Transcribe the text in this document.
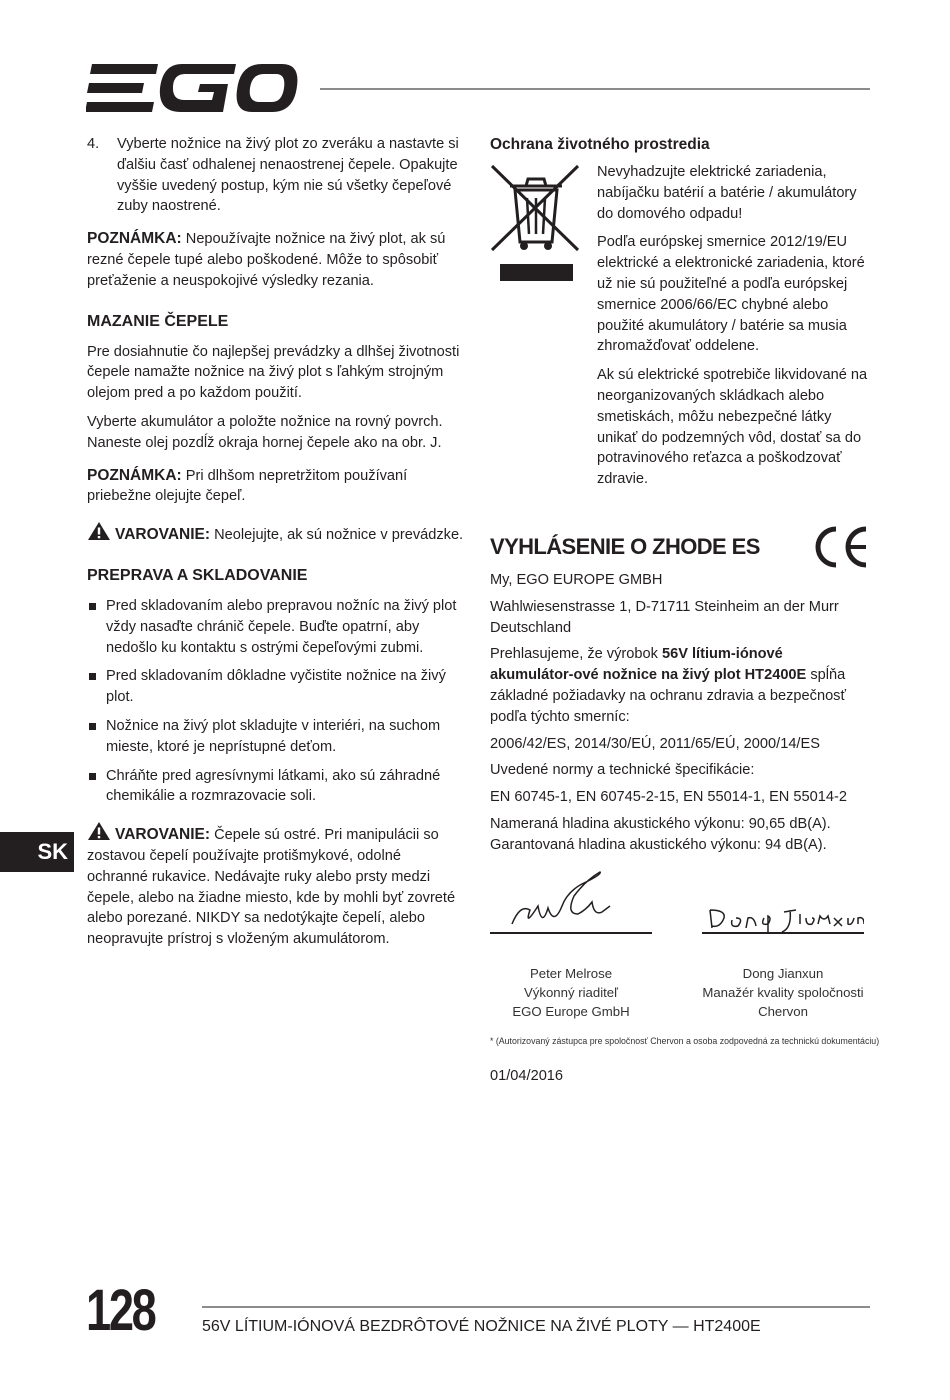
4.	Vyberte nožnice na živý plot zo zveráku a nastavte si ďalšiu časť odhalenej nenaostrenej čepele. Opakujte vyššie uvedený postup, kým nie sú všetky čepeľové zuby naostrené.

POZNÁMKA: Nepoužívajte nožnice na živý plot, ak sú rezné čepele tupé alebo poškodené. Môže to spôsobiť preťaženie a neuspokojivé výsledky rezania.

MAZANIE ČEPELE

Pre dosiahnutie čo najlepšej prevádzky a dlhšej životnosti čepele namažte nožnice na živý plot s ľahkým strojným olejom pred a po každom použití.

Vyberte akumulátor a položte nožnice na rovný povrch. Naneste olej pozdĺž okraja hornej čepele ako na obr. J.

POZNÁMKA: Pri dlhšom nepretržitom používaní priebežne olejujte čepeľ.

VAROVANIE: Neolejujte, ak sú nožnice v prevádzke.

PREPRAVA A SKLADOVANIE
Pred skladovaním alebo prepravou nožníc na živý plot vždy nasaďte chránič čepele. Buďte opatrní, aby nedošlo ku kontaktu s ostrými čepeľovými zubmi.
Pred skladovaním dôkladne vyčistite nožnice na živý plot.
Nožnice na živý plot skladujte v interiéri, na suchom mieste, ktoré je neprístupné deťom.
Chráňte pred agresívnymi látkami, ako sú záhradné chemikálie a rozmrazovacie soli.

VAROVANIE: Čepele sú ostré. Pri manipulácii so zostavou čepelí používajte protišmykové, odolné ochranné rukavice. Nedávajte ruky alebo prsty medzi čepele, alebo na žiadne miesto, kde by mohli byť zovreté alebo porezané. NIKDY sa nedotýkajte čepelí, alebo neopravujte prístroj s vloženým akumulátorom.

Ochrana životného prostredia

Nevyhadzujte elektrické zariadenia, nabíjačku batérií a batérie / akumulátory do domového odpadu!

Podľa európskej smernice 2012/19/EU elektrické a elektronické zariadenia, ktoré už nie sú použiteľné a podľa európskej smernice 2006/66/EC chybné alebo použité akumulátory / batérie sa musia zhromažďovať oddelene.

Ak sú elektrické spotrebiče likvidované na neorganizovaných skládkach alebo smetiskách, môžu nebezpečné látky unikať do podzemných vôd, dostať sa do potravinového reťazca a poškodzovať zdravie.

VYHLÁSENIE O ZHODE ES

My, EGO EUROPE GMBH

Wahlwiesenstrasse 1, D-71711 Steinheim an der Murr Deutschland

Prehlasujeme, že výrobok 56V lítium-iónové akumulátor-ové nožnice na živý plot HT2400E spĺňa základné požiadavky na ochranu zdravia a bezpečnosť podľa týchto smerníc:

2006/42/ES, 2014/30/EÚ, 2011/65/EÚ, 2000/14/ES

Uvedené normy a technické špecifikácie:

EN 60745-1, EN 60745-2-15, EN 55014-1, EN 55014-2

Nameraná hladina akustického výkonu: 90,65 dB(A).
Garantovaná hladina akustického výkonu: 94 dB(A).

Peter Melrose
Výkonný riaditeľ
EGO Europe GmbH
Dong Jianxun
Manažér kvality spoločnosti
Chervon
* (Autorizovaný zástupca pre spoločnosť Chervon a osoba zodpovedná za technickú dokumentáciu)
01/04/2016
SK
128	56V LÍTIUM-IÓNOVÁ BEZDRÔTOVÉ NOŽNICE NA ŽIVÉ PLOTY — HT2400E
